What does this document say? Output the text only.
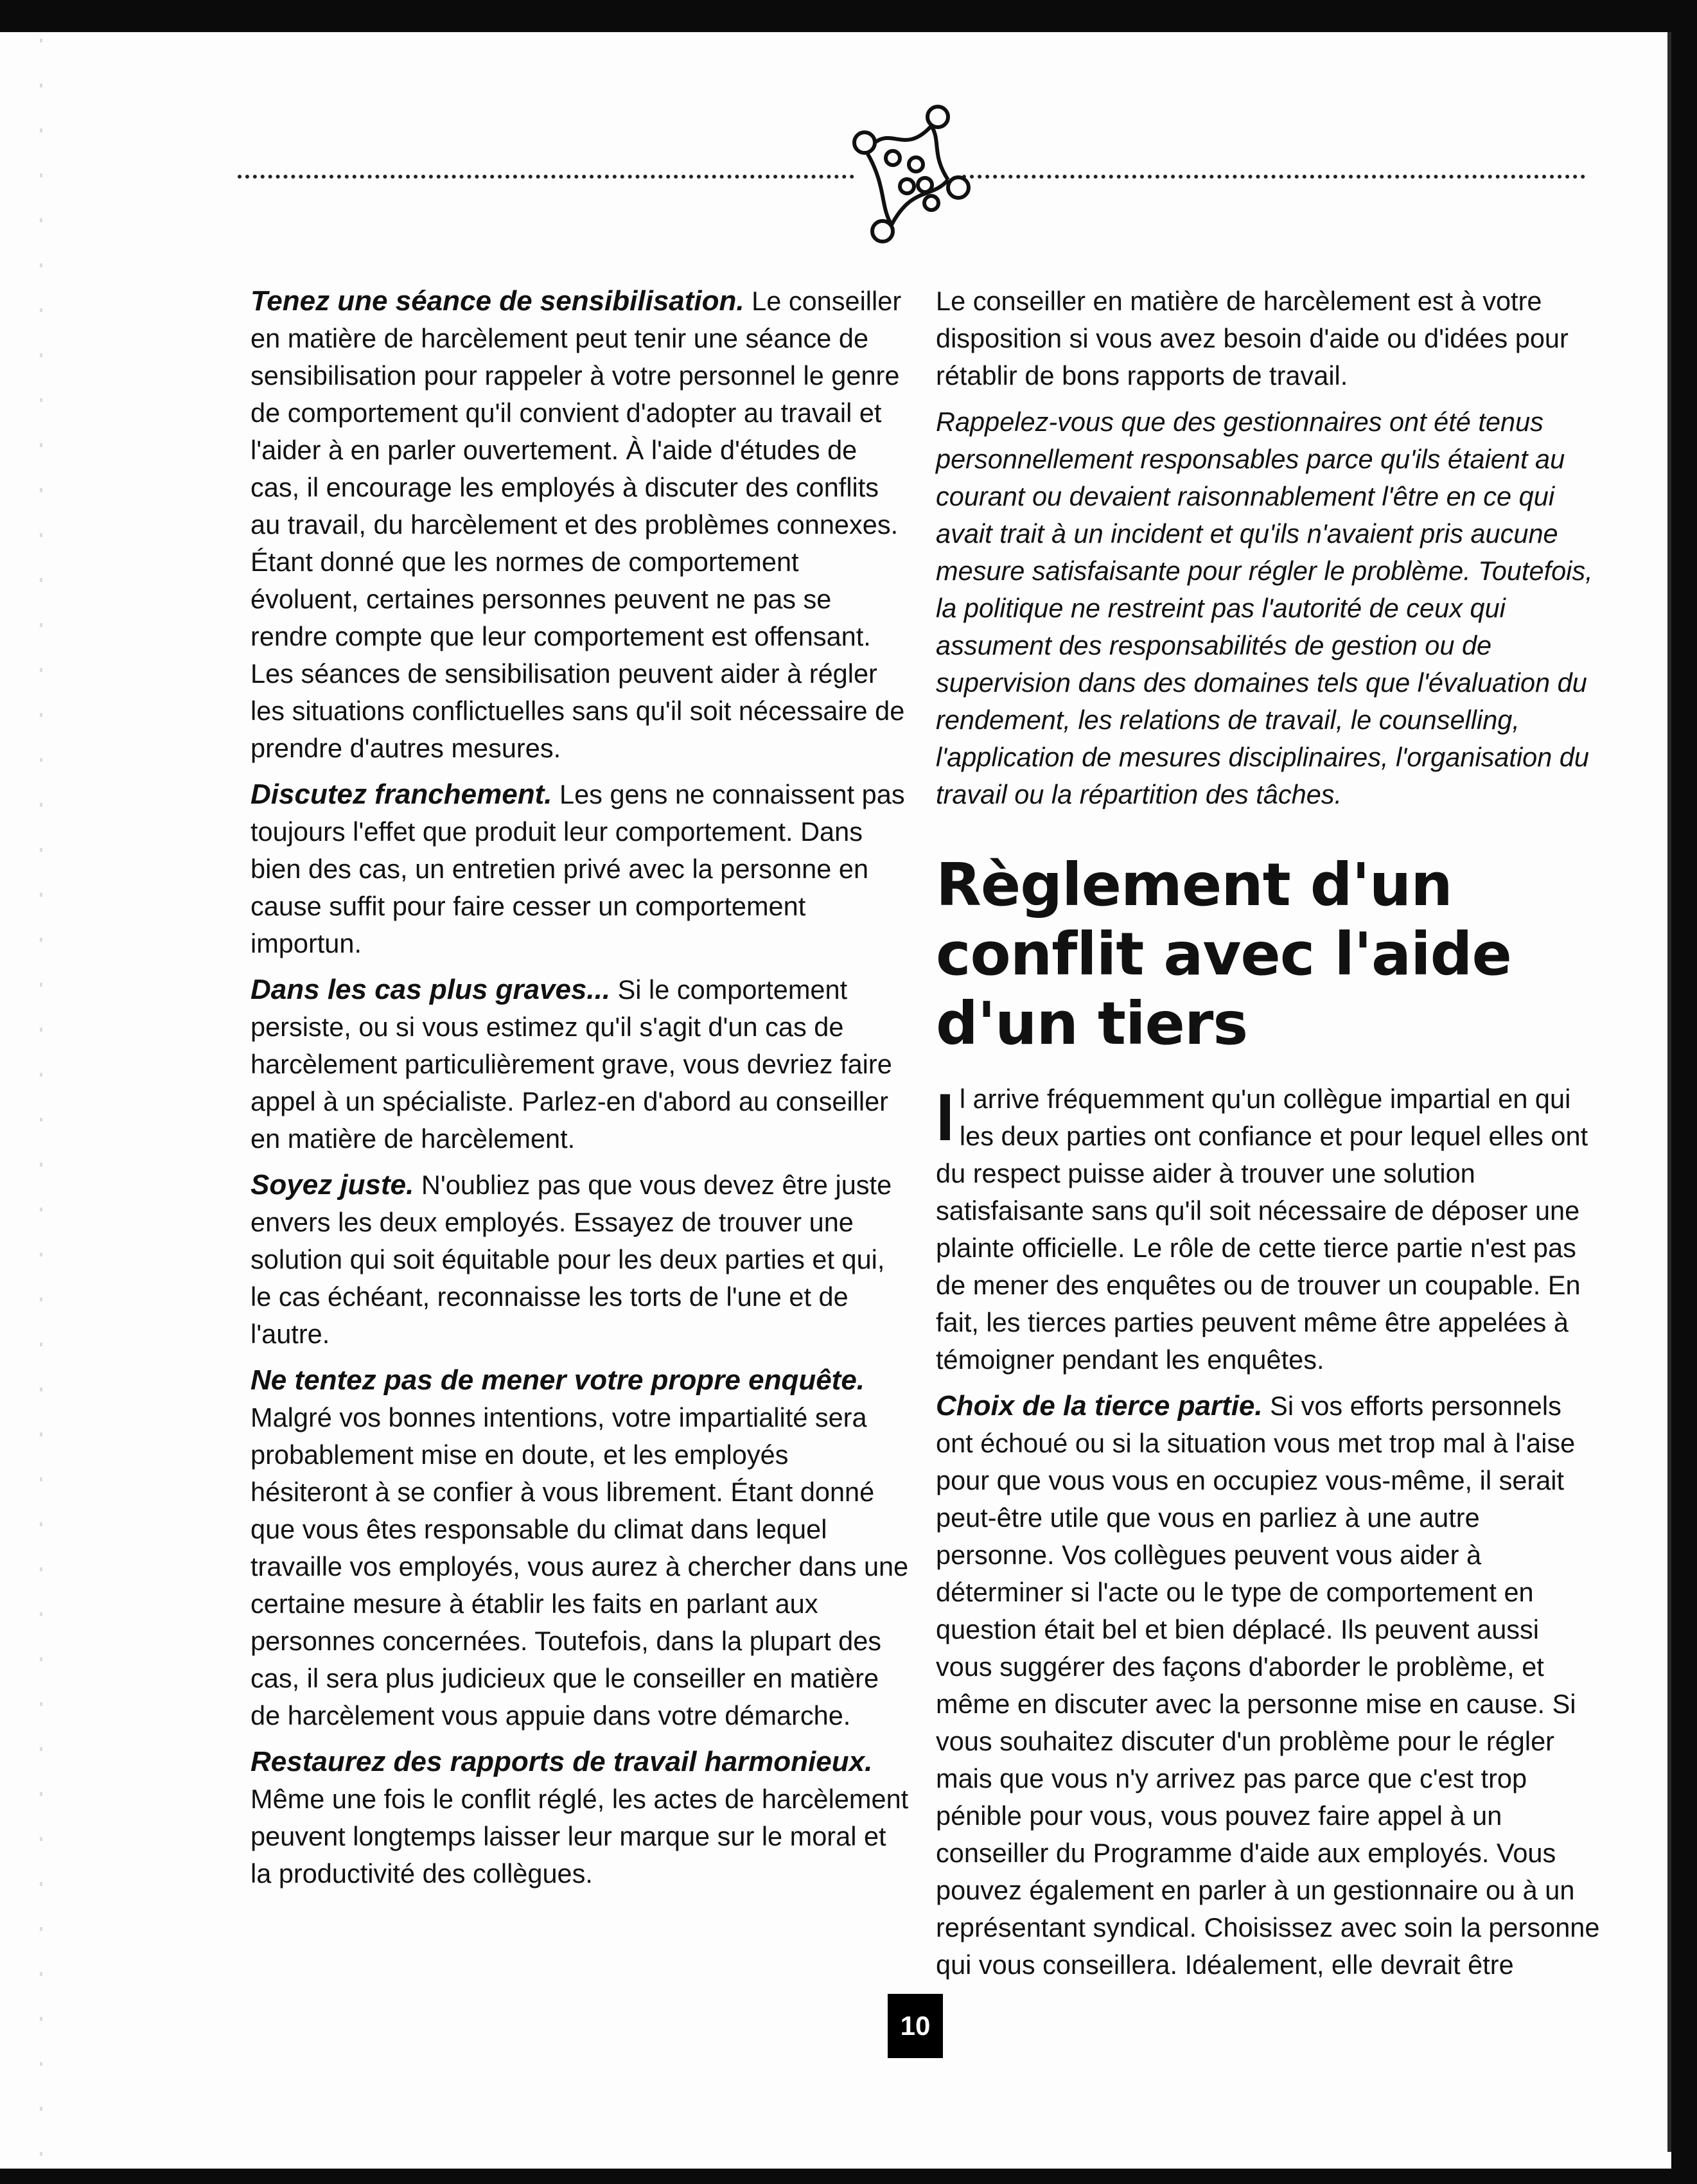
Tenez une séance de sensibilisation. Le conseiller en matière de harcèlement peut tenir une séance de sensibilisation pour rappeler à votre personnel le genre de comportement qu'il convient d'adopter au travail et l'aider à en parler ouvertement. À l'aide d'études de cas, il encourage les employés à discuter des conflits au travail, du harcèlement et des problèmes connexes. Étant donné que les normes de comportement évoluent, certaines personnes peuvent ne pas se rendre compte que leur comportement est offensant. Les séances de sensibilisation peuvent aider à régler les situations conflictuelles sans qu'il soit nécessaire de prendre d'autres mesures.

Discutez franchement. Les gens ne connaissent pas toujours l'effet que produit leur comportement. Dans bien des cas, un entretien privé avec la personne en cause suffit pour faire cesser un comportement importun.

Dans les cas plus graves... Si le comportement persiste, ou si vous estimez qu'il s'agit d'un cas de harcèlement particulièrement grave, vous devriez faire appel à un spécialiste. Parlez-en d'abord au conseiller en matière de harcèlement.

Soyez juste. N'oubliez pas que vous devez être juste envers les deux employés. Essayez de trouver une solution qui soit équitable pour les deux parties et qui, le cas échéant, reconnaisse les torts de l'une et de l'autre.

Ne tentez pas de mener votre propre enquête. Malgré vos bonnes intentions, votre impartialité sera probablement mise en doute, et les employés hésiteront à se confier à vous librement. Étant donné que vous êtes responsable du climat dans lequel travaille vos employés, vous aurez à chercher dans une certaine mesure à établir les faits en parlant aux personnes concernées. Toutefois, dans la plupart des cas, il sera plus judicieux que le conseiller en matière de harcèlement vous appuie dans votre démarche.

Restaurez des rapports de travail harmonieux. Même une fois le conflit réglé, les actes de harcèlement peuvent longtemps laisser leur marque sur le moral et la productivité des collègues.

Le conseiller en matière de harcèlement est à votre disposition si vous avez besoin d'aide ou d'idées pour rétablir de bons rapports de travail.

Rappelez-vous que des gestionnaires ont été tenus personnellement responsables parce qu'ils étaient au courant ou devaient raisonnablement l'être en ce qui avait trait à un incident et qu'ils n'avaient pris aucune mesure satisfaisante pour régler le problème. Toutefois, la politique ne restreint pas l'autorité de ceux qui assument des responsabilités de gestion ou de supervision dans des domaines tels que l'évaluation du rendement, les relations de travail, le counselling, l'application de mesures disciplinaires, l'organisation du travail ou la répartition des tâches.

Règlement d'un conflit avec l'aide d'un tiers

Il arrive fréquemment qu'un collègue impartial en qui les deux parties ont confiance et pour lequel elles ont du respect puisse aider à trouver une solution satisfaisante sans qu'il soit nécessaire de déposer une plainte officielle. Le rôle de cette tierce partie n'est pas de mener des enquêtes ou de trouver un coupable. En fait, les tierces parties peuvent même être appelées à témoigner pendant les enquêtes.

Choix de la tierce partie. Si vos efforts personnels ont échoué ou si la situation vous met trop mal à l'aise pour que vous vous en occupiez vous-même, il serait peut-être utile que vous en parliez à une autre personne. Vos collègues peuvent vous aider à déterminer si l'acte ou le type de comportement en question était bel et bien déplacé. Ils peuvent aussi vous suggérer des façons d'aborder le problème, et même en discuter avec la personne mise en cause. Si vous souhaitez discuter d'un problème pour le régler mais que vous n'y arrivez pas parce que c'est trop pénible pour vous, vous pouvez faire appel à un conseiller du Programme d'aide aux employés. Vous pouvez également en parler à un gestionnaire ou à un représentant syndical. Choisissez avec soin la personne qui vous conseillera. Idéalement, elle devrait être

10
